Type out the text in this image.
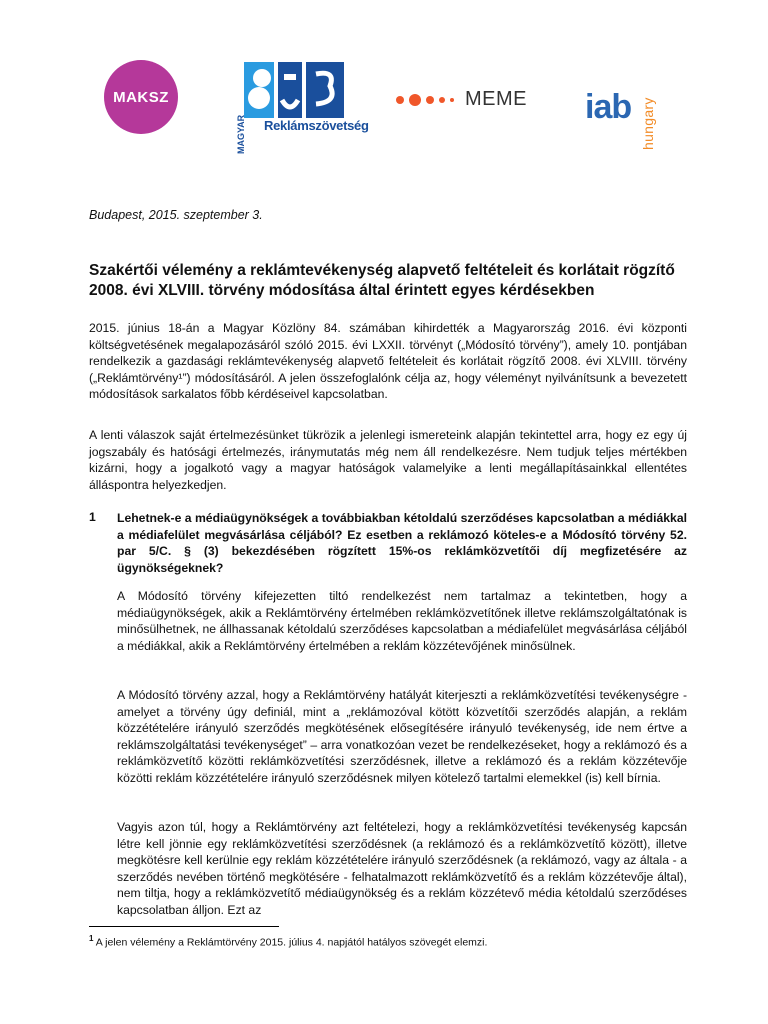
MAKSZ
MAGYAR Reklámszövetség
MEME iab hungary
Budapest, 2015. szeptember 3.
Szakértői vélemény a reklámtevékenység alapvető feltételeit és korlátait rögzítő 2008. évi XLVIII. törvény módosítása által érintett egyes kérdésekben

2015. június 18-án a Magyar Közlöny 84. számában kihirdették a Magyarország 2016. évi központi költségvetésének megalapozásáról szóló 2015. évi LXXII. törvényt („Módosító törvény”), amely 10. pontjában rendelkezik a gazdasági reklámtevékenység alapvető feltételeit és korlátait rögzítő 2008. évi XLVIII. törvény („Reklámtörvény¹”) módosításáról. A jelen összefoglalónk célja az, hogy véleményt nyilvánítsunk a bevezetett módosítások sarkalatos főbb kérdéseivel kapcsolatban.

A lenti válaszok saját értelmezésünket tükrözik a jelenlegi ismereteink alapján tekintettel arra, hogy ez egy új jogszabály és hatósági értelmezés, iránymutatás még nem áll rendelkezésre. Nem tudjuk teljes mértékben kizárni, hogy a jogalkotó vagy a magyar hatóságok valamelyike a lenti megállapításainkkal ellentétes álláspontra helyezkedjen.

1 Lehetnek-e a médiaügynökségek a továbbiakban kétoldalú szerződéses kapcsolatban a médiákkal a médiafelület megvásárlása céljából? Ez esetben a reklámozó köteles-e a Módosító törvény 52. par 5/C. § (3) bekezdésében rögzített 15%-os reklámközvetítői díj megfizetésére az ügynökségeknek?

A Módosító törvény kifejezetten tiltó rendelkezést nem tartalmaz a tekintetben, hogy a médiaügynökségek, akik a Reklámtörvény értelmében reklámközvetítőnek illetve reklámszolgáltatónak is minősülhetnek, ne állhassanak kétoldalú szerződéses kapcsolatban a médiafelület megvásárlása céljából a médiákkal, akik a Reklámtörvény értelmében a reklám közzétevőjének minősülnek.

A Módosító törvény azzal, hogy a Reklámtörvény hatályát kiterjeszti a reklámközvetítési tevékenységre - amelyet a törvény úgy definiál, mint a „reklámozóval kötött közvetítői szerződés alapján, a reklám közzétételére irányuló szerződés megkötésének elősegítésére irányuló tevékenység, ide nem értve a reklámszolgáltatási tevékenységet” – arra vonatkozóan vezet be rendelkezéseket, hogy a reklámozó és a reklámközvetítő közötti reklámközvetítési szerződésnek, illetve a reklámozó és a reklám közzétevője közötti reklám közzétételére irányuló szerződésnek milyen kötelező tartalmi elemekkel (is) kell bírnia.

Vagyis azon túl, hogy a Reklámtörvény azt feltételezi, hogy a reklámközvetítési tevékenység kapcsán létre kell jönnie egy reklámközvetítési szerződésnek (a reklámozó és a reklámközvetítő között), illetve megkötésre kell kerülnie egy reklám közzétételére irányuló szerződésnek (a reklámozó, vagy az általa - a szerződés nevében történő megkötésére - felhatalmazott reklámközvetítő és a reklám közzétevője által), nem tiltja, hogy a reklámközvetítő médiaügynökség és a reklám közzétevő média kétoldalú szerződéses kapcsolatban álljon. Ezt az

$^1$ A jelen vélemény a Reklámtörvény 2015. július 4. napjától hatályos szövegét elemzi.
